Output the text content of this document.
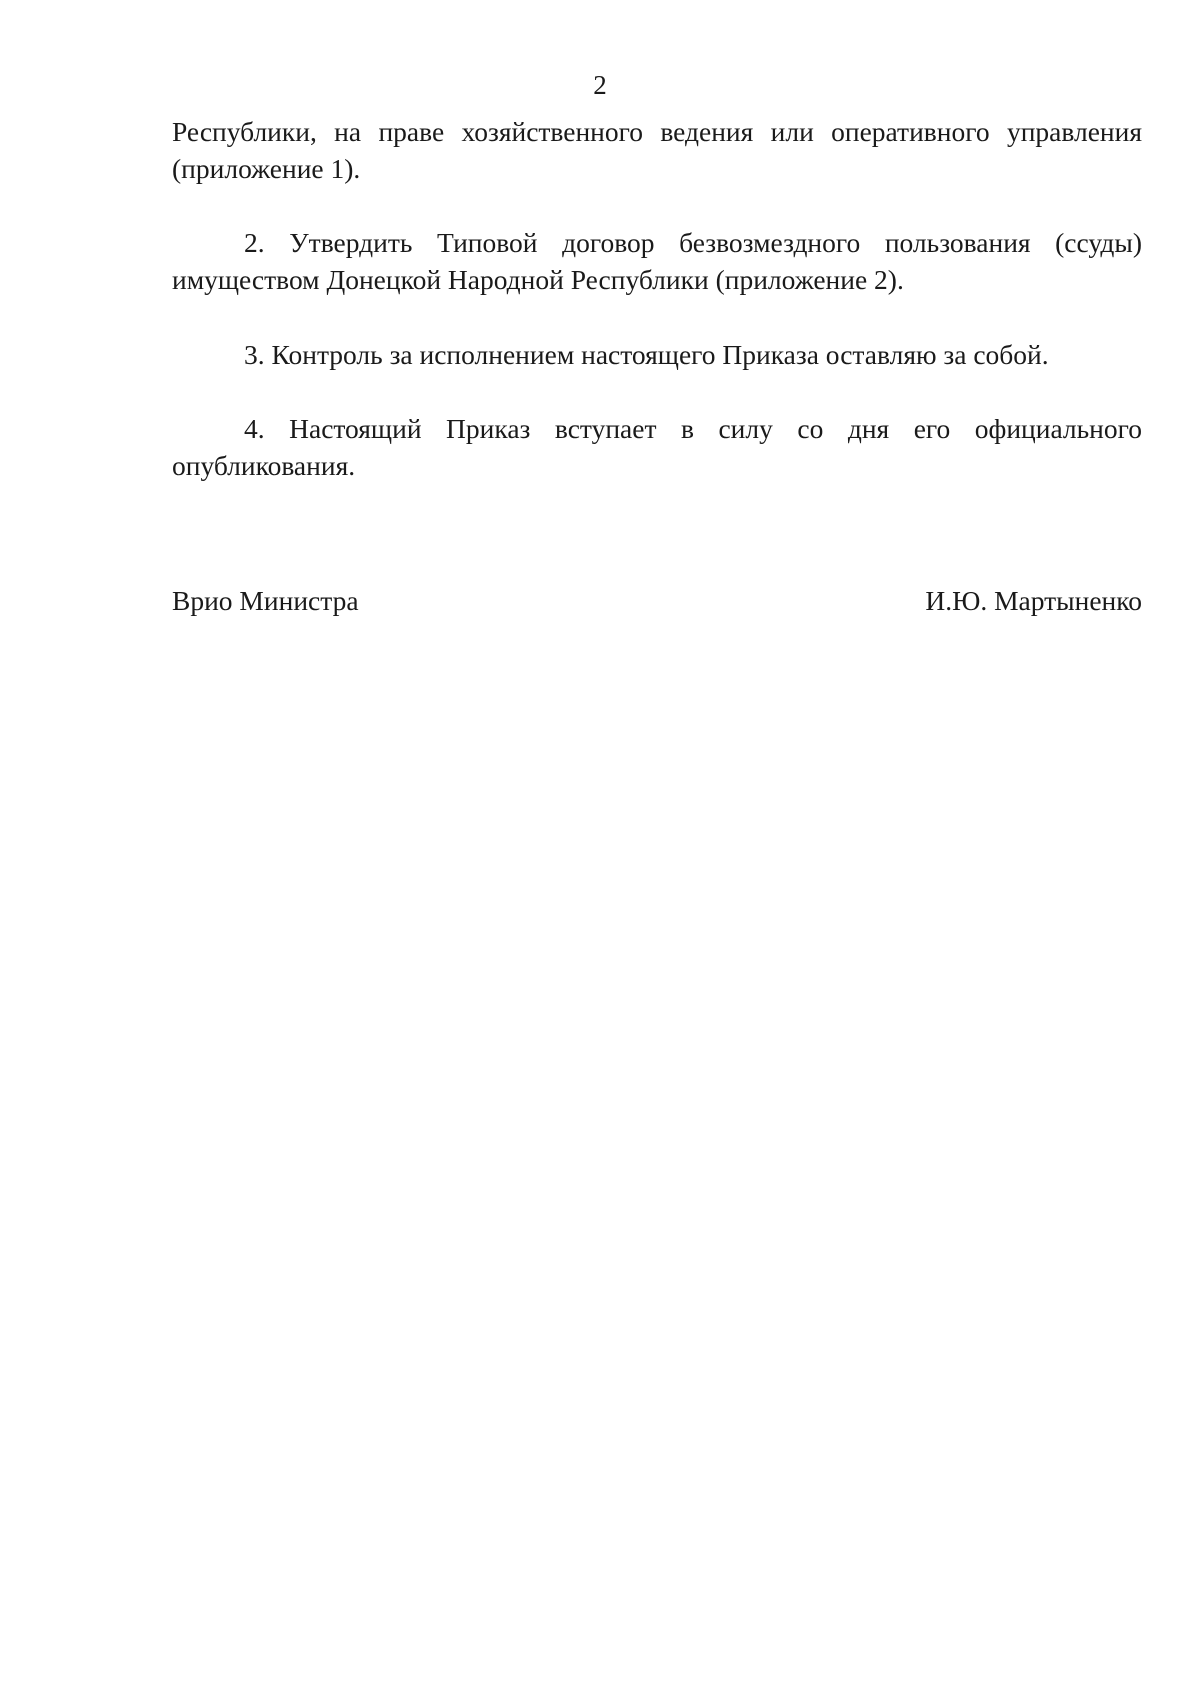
2

Республики, на праве хозяйственного ведения или оперативного управления (приложение 1).

2. Утвердить Типовой договор безвозмездного пользования (ссуды) имуществом Донецкой Народной Республики (приложение 2).

3. Контроль за исполнением настоящего Приказа оставляю за собой.

4. Настоящий Приказ вступает в силу со дня его официального опубликования.

Врио Министра	И.Ю. Мартыненко
